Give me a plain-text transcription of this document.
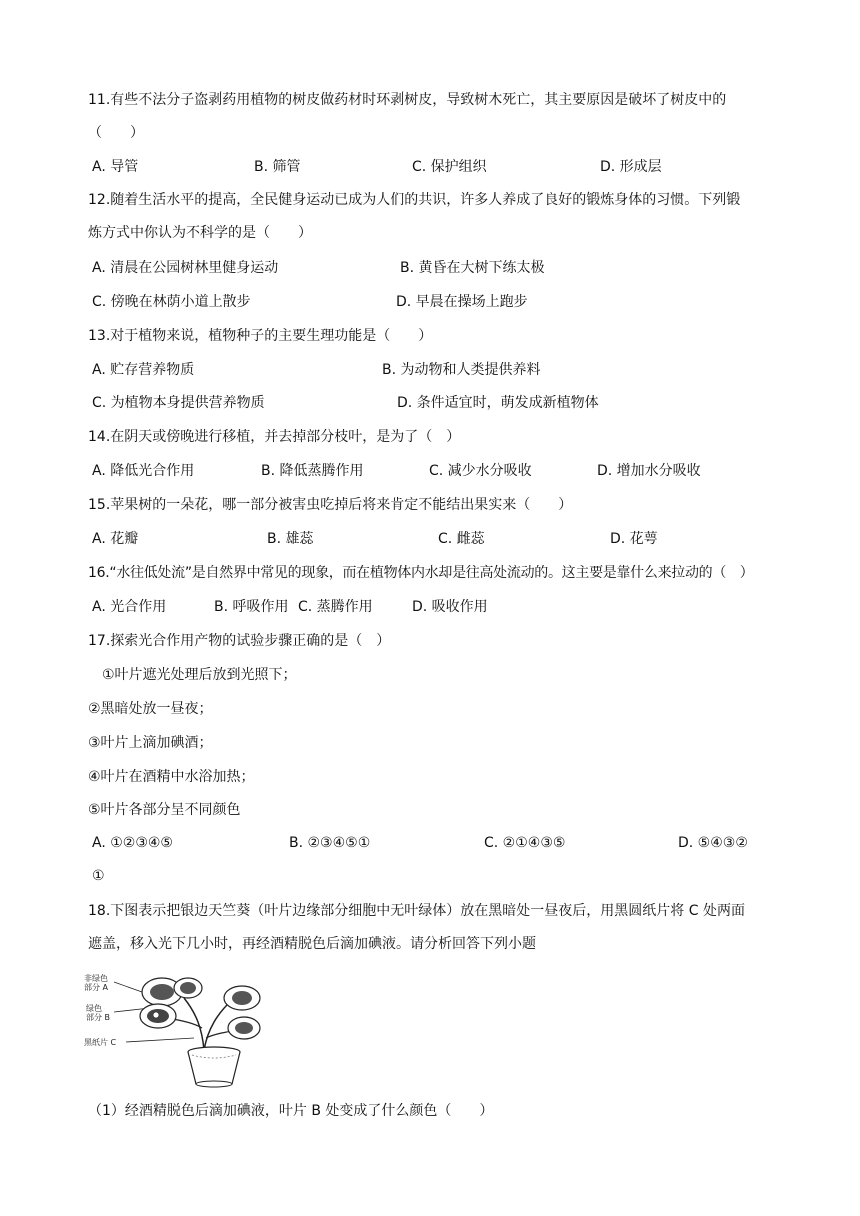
11.有些不法分子盗剥药用植物的树皮做药材时环剥树皮，导致树木死亡，其主要原因是破坏了树皮中的
（　　）
A. 导管	B. 筛管	C. 保护组织	D. 形成层
12.随着生活水平的提高，全民健身运动已成为人们的共识，许多人养成了良好的锻炼身体的习惯。下列锻
炼方式中你认为不科学的是（　　）
A. 清晨在公园树林里健身运动	B. 黄昏在大树下练太极
C. 傍晚在林荫小道上散步	D. 早晨在操场上跑步
13.对于植物来说，植物种子的主要生理功能是（　　）
A. 贮存营养物质	B. 为动物和人类提供养料
C. 为植物本身提供营养物质	D. 条件适宜时，萌发成新植物体
14.在阴天或傍晚进行移植，并去掉部分枝叶，是为了（　）
A. 降低光合作用	B. 降低蒸腾作用	C. 减少水分吸收	D. 增加水分吸收
15.苹果树的一朵花，哪一部分被害虫吃掉后将来肯定不能结出果实来（　　）
A. 花瓣	B. 雄蕊	C. 雌蕊	D. 花萼
16.“水往低处流”是自然界中常见的现象，而在植物体内水却是往高处流动的。这主要是靠什么来拉动的（　）
A. 光合作用	B. 呼吸作用 C. 蒸腾作用	D. 吸收作用
17.探索光合作用产物的试验步骤正确的是（　）
①叶片遮光处理后放到光照下；
②黑暗处放一昼夜；
③叶片上滴加碘酒；
④叶片在酒精中水浴加热；
⑤叶片各部分呈不同颜色
A. ①②③④⑤	B. ②③④⑤①	C. ②①④③⑤	D. ⑤④③②
①
18.下图表示把银边天竺葵（叶片边缘部分细胞中无叶绿体）放在黑暗处一昼夜后，用黑圆纸片将 C 处两面
遮盖，移入光下几小时，再经酒精脱色后滴加碘液。请分析回答下列小题
非绿色
部分 A
绿色
部分 B
黑纸片 C
（1）经酒精脱色后滴加碘液，叶片 B 处变成了什么颜色（　　）
